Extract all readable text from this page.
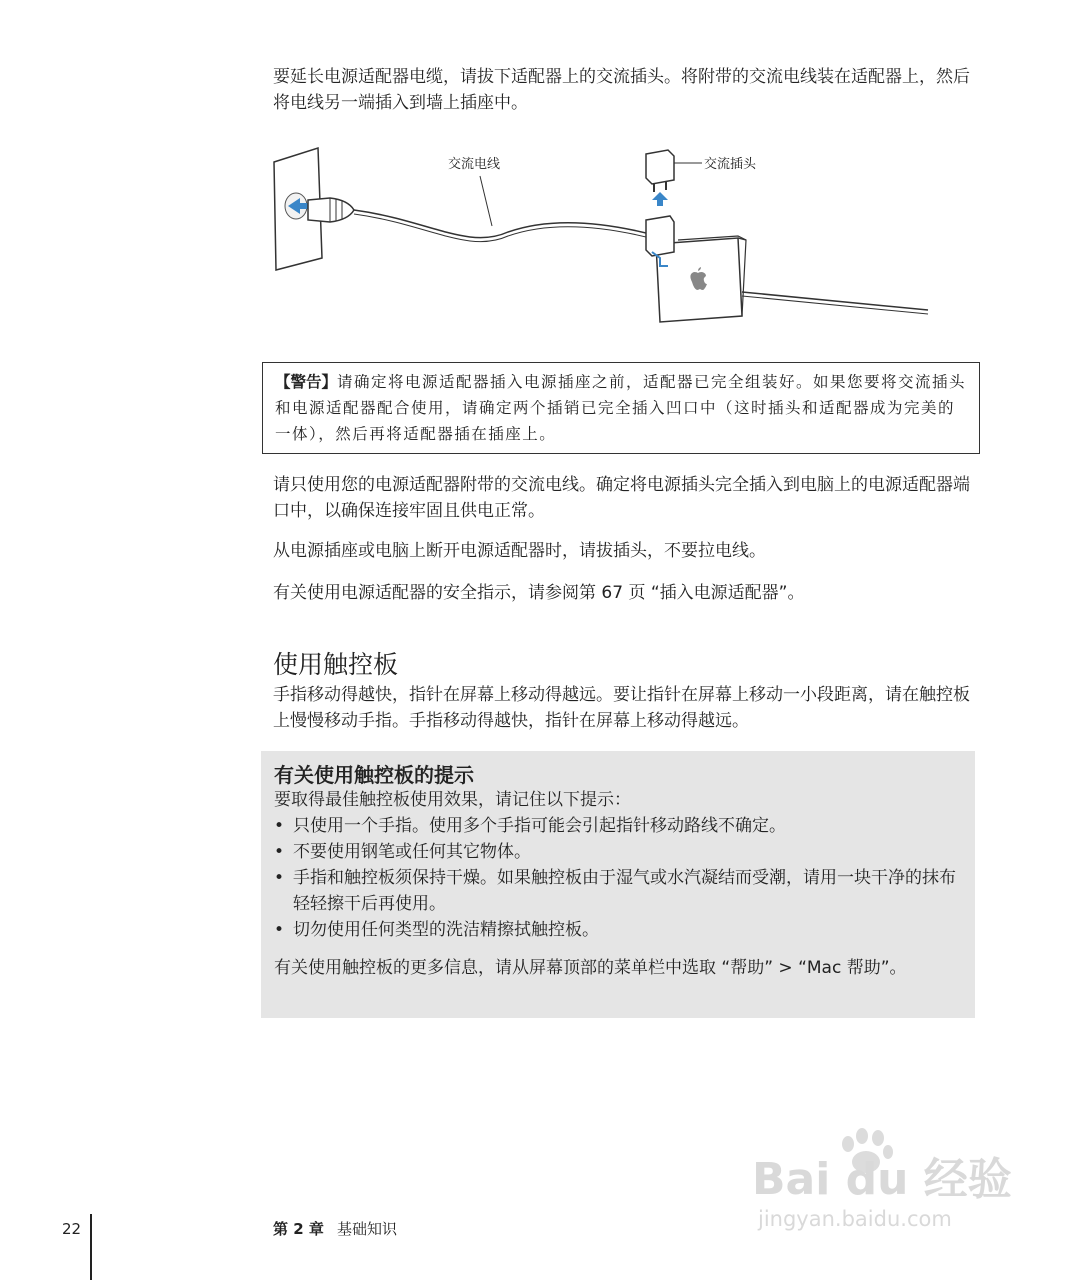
要延长电源适配器电缆，请拔下适配器上的交流插头。将附带的交流电线装在适配器上，然后将电线另一端插入到墙上插座中。

交流电线	交流插头
【警告】请确定将电源适配器插入电源插座之前，适配器已完全组装好。如果您要将交流插头和电源适配器配合使用，请确定两个插销已完全插入凹口中（这时插头和适配器成为完美的一体），然后再将适配器插在插座上。

请只使用您的电源适配器附带的交流电线。确定将电源插头完全插入到电脑上的电源适配器端口中，以确保连接牢固且供电正常。

从电源插座或电脑上断开电源适配器时，请拔插头，不要拉电线。

有关使用电源适配器的安全指示，请参阅第 67 页 “插入电源适配器”。

使用触控板

手指移动得越快，指针在屏幕上移动得越远。要让指针在屏幕上移动一小段距离，请在触控板上慢慢移动手指。手指移动得越快，指针在屏幕上移动得越远。

有关使用触控板的提示
要取得最佳触控板使用效果，请记住以下提示：
• 只使用一个手指。使用多个手指可能会引起指针移动路线不确定。
• 不要使用钢笔或任何其它物体。
• 手指和触控板须保持干燥。如果触控板由于湿气或水汽凝结而受潮，请用一块干净的抹布轻轻擦干后再使用。
• 切勿使用任何类型的洗洁精擦拭触控板。
有关使用触控板的更多信息，请从屏幕顶部的菜单栏中选取 “帮助” > “Mac 帮助”。
22	第 2 章 基础知识
Bai du 经验
jingyan.baidu.com
